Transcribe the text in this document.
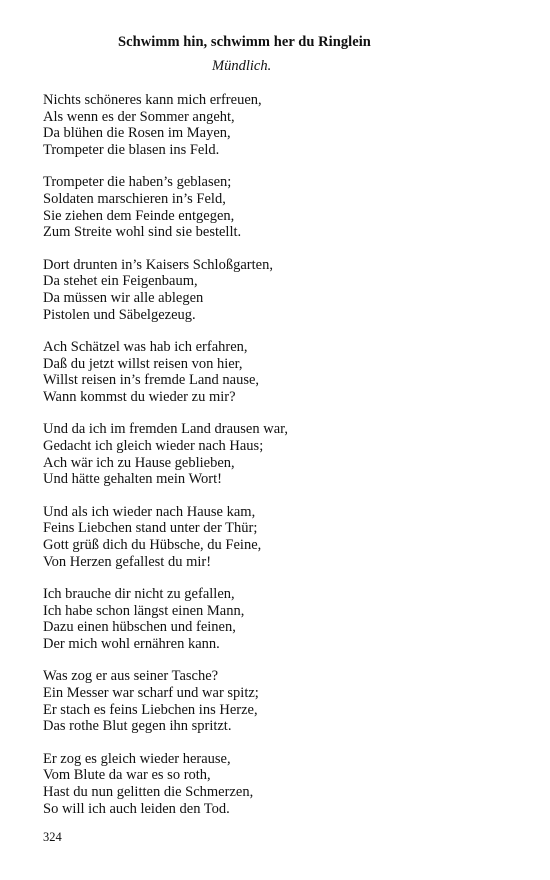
Schwimm hin, schwimm her du Ringlein
Mündlich.
Nichts schöneres kann mich erfreuen,
Als wenn es der Sommer angeht,
Da blühen die Rosen im Mayen,
Trompeter die blasen ins Feld.
Trompeter die haben’s geblasen;
Soldaten marschieren in’s Feld,
Sie ziehen dem Feinde entgegen,
Zum Streite wohl sind sie bestellt.
Dort drunten in’s Kaisers Schloßgarten,
Da stehet ein Feigenbaum,
Da müssen wir alle ablegen
Pistolen und Säbelgezeug.
Ach Schätzel was hab ich erfahren,
Daß du jetzt willst reisen von hier,
Willst reisen in’s fremde Land nause,
Wann kommst du wieder zu mir?
Und da ich im fremden Land drausen war,
Gedacht ich gleich wieder nach Haus;
Ach wär ich zu Hause geblieben,
Und hätte gehalten mein Wort!
Und als ich wieder nach Hause kam,
Feins Liebchen stand unter der Thür;
Gott grüß dich du Hübsche, du Feine,
Von Herzen gefallest du mir!
Ich brauche dir nicht zu gefallen,
Ich habe schon längst einen Mann,
Dazu einen hübschen und feinen,
Der mich wohl ernähren kann.
Was zog er aus seiner Tasche?
Ein Messer war scharf und war spitz;
Er stach es feins Liebchen ins Herze,
Das rothe Blut gegen ihn spritzt.
Er zog es gleich wieder herause,
Vom Blute da war es so roth,
Hast du nun gelitten die Schmerzen,
So will ich auch leiden den Tod.
324
